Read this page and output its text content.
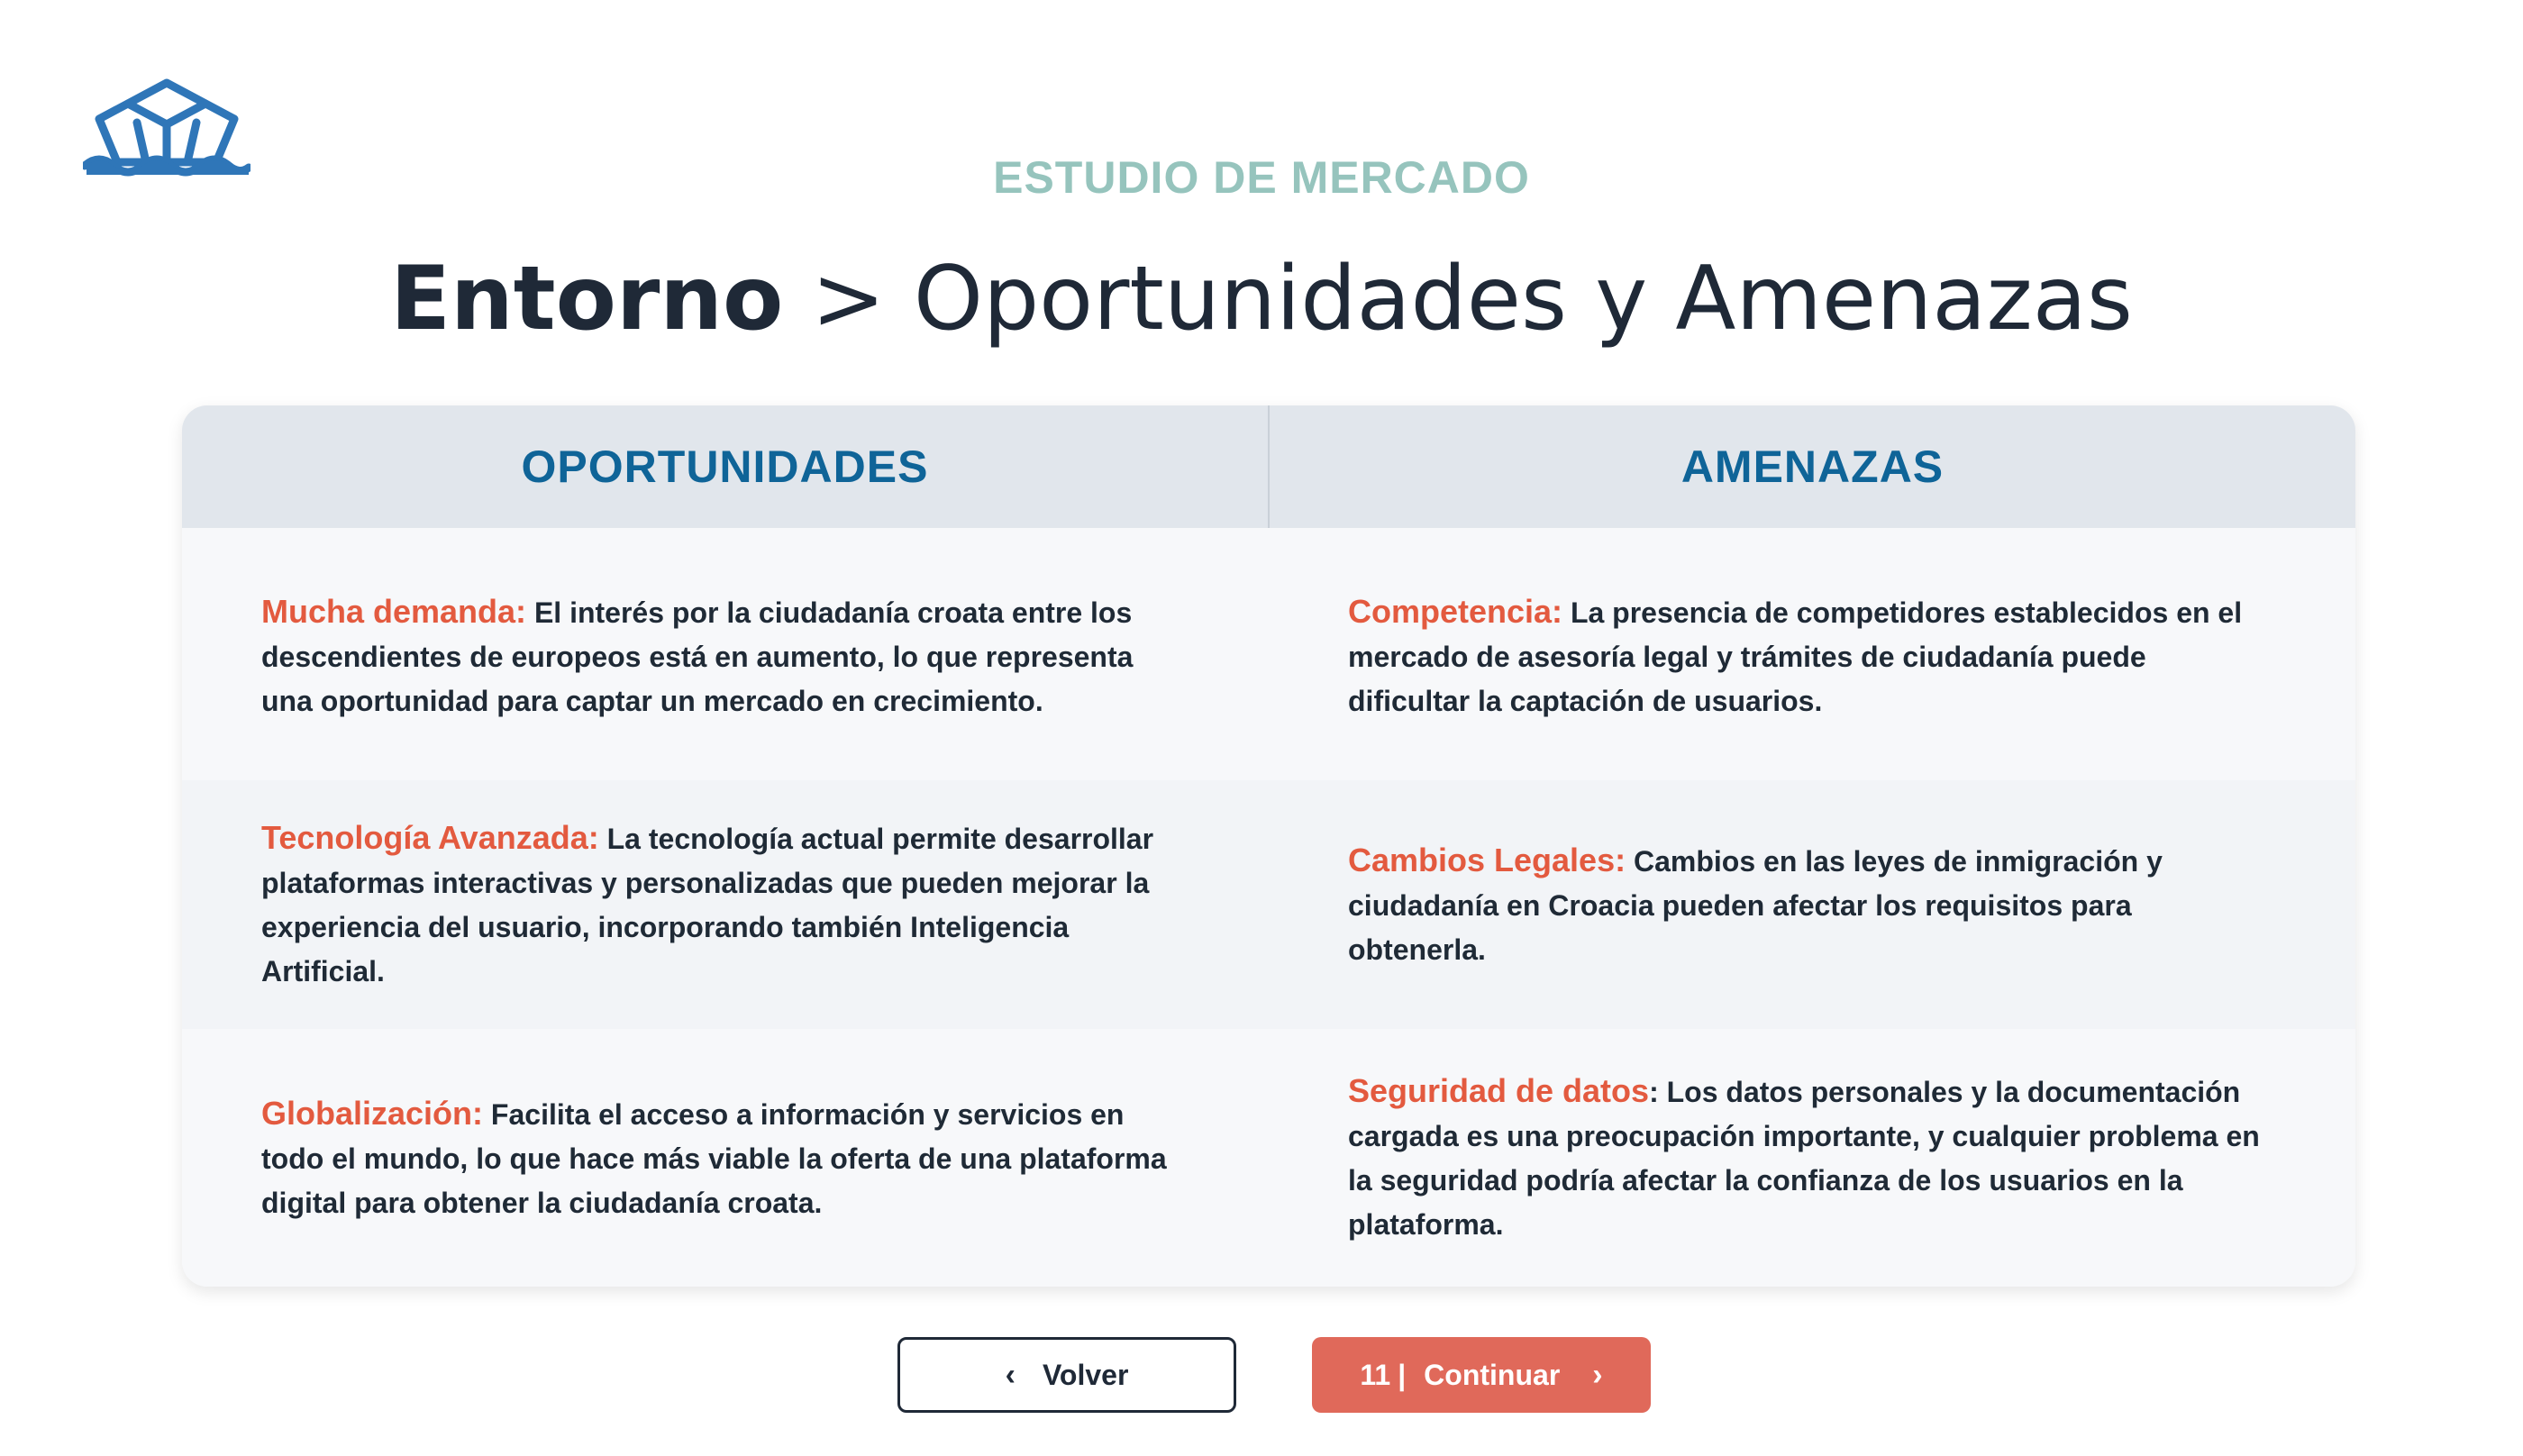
ESTUDIO DE MERCADO
Entorno > Oportunidades y Amenazas
OPORTUNIDADES	AMENAZAS

Mucha demanda: El interés por la ciudadanía croata entre los descendientes de europeos está en aumento, lo que representa una oportunidad para captar un mercado en crecimiento.

Competencia: La presencia de competidores establecidos en el mercado de asesoría legal y trámites de ciudadanía puede dificultar la captación de usuarios.

Tecnología Avanzada: La tecnología actual permite desarrollar plataformas interactivas y personalizadas que pueden mejorar la experiencia del usuario, incorporando también Inteligencia Artificial.

Cambios Legales: Cambios en las leyes de inmigración y ciudadanía en Croacia pueden afectar los requisitos para obtenerla.

Globalización: Facilita el acceso a información y servicios en todo el mundo, lo que hace más viable la oferta de una plataforma digital para obtener la ciudadanía croata.

Seguridad de datos: Los datos personales y la documentación cargada es una preocupación importante, y cualquier problema en la seguridad podría afectar la confianza de los usuarios en la plataforma.

‹ Volver	11 | Continuar ›
